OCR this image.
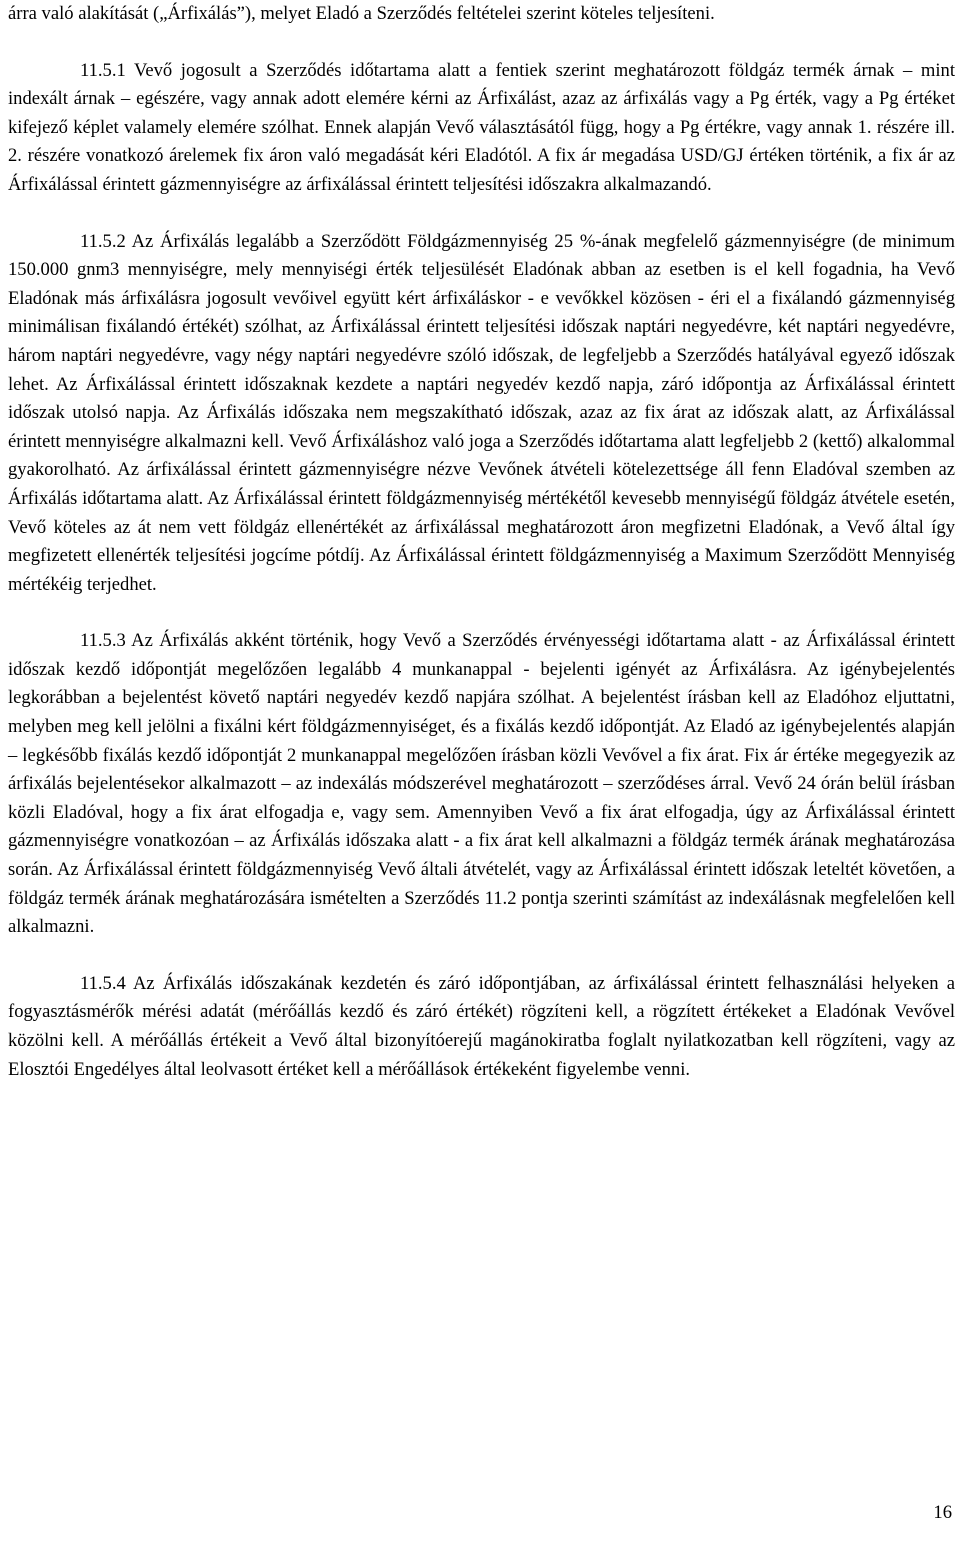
árra való alakítását („Árfixálás”), melyet Eladó a Szerződés feltételei szerint köteles teljesíteni.

11.5.1 Vevő jogosult a Szerződés időtartama alatt a fentiek szerint meghatározott földgáz termék árnak – mint indexált árnak – egészére, vagy annak adott elemére kérni az Árfixálást, azaz az árfixálás vagy a Pg érték, vagy a Pg értéket kifejező képlet valamely elemére szólhat. Ennek alapján Vevő választásától függ, hogy a Pg értékre, vagy annak 1. részére ill. 2. részére vonatkozó árelemek fix áron való megadását kéri Eladótól. A fix ár megadása USD/GJ értéken történik, a fix ár az Árfixálással érintett gázmennyiségre az árfixálással érintett teljesítési időszakra alkalmazandó.

11.5.2 Az Árfixálás legalább a Szerződött Földgázmennyiség 25 %-ának megfelelő gázmennyiségre (de minimum 150.000 gnm3 mennyiségre, mely mennyiségi érték teljesülését Eladónak abban az esetben is el kell fogadnia, ha Vevő Eladónak más árfixálásra jogosult vevőivel együtt kért árfixáláskor - e vevőkkel közösen - éri el a fixálandó gázmennyiség minimálisan fixálandó értékét) szólhat, az Árfixálással érintett teljesítési időszak naptári negyedévre, két naptári negyedévre, három naptári negyedévre, vagy négy naptári negyedévre szóló időszak, de legfeljebb a Szerződés hatályával egyező időszak lehet. Az Árfixálással érintett időszaknak kezdete a naptári negyedév kezdő napja, záró időpontja az Árfixálással érintett időszak utolsó napja. Az Árfixálás időszaka nem megszakítható időszak, azaz az fix árat az időszak alatt, az Árfixálással érintett mennyiségre alkalmazni kell. Vevő Árfixáláshoz való joga a Szerződés időtartama alatt legfeljebb 2 (kettő) alkalommal gyakorolható. Az árfixálással érintett gázmennyiségre nézve Vevőnek átvételi kötelezettsége áll fenn Eladóval szemben az Árfixálás időtartama alatt. Az Árfixálással érintett földgázmennyiség mértékétől kevesebb mennyiségű földgáz átvétele esetén, Vevő köteles az át nem vett földgáz ellenértékét az árfixálással meghatározott áron megfizetni Eladónak, a Vevő által így megfizetett ellenérték teljesítési jogcíme pótdíj. Az Árfixálással érintett földgázmennyiség a Maximum Szerződött Mennyiség mértékéig terjedhet.

11.5.3 Az Árfixálás akként történik, hogy Vevő a Szerződés érvényességi időtartama alatt - az Árfixálással érintett időszak kezdő időpontját megelőzően legalább 4 munkanappal - bejelenti igényét az Árfixálásra. Az igénybejelentés legkorábban a bejelentést követő naptári negyedév kezdő napjára szólhat. A bejelentést írásban kell az Eladóhoz eljuttatni, melyben meg kell jelölni a fixálni kért földgázmennyiséget, és a fixálás kezdő időpontját. Az Eladó az igénybejelentés alapján – legkésőbb fixálás kezdő időpontját 2 munkanappal megelőzően írásban közli Vevővel a fix árat. Fix ár értéke megegyezik az árfixálás bejelentésekor alkalmazott – az indexálás módszerével meghatározott – szerződéses árral. Vevő 24 órán belül írásban közli Eladóval, hogy a fix árat elfogadja e, vagy sem. Amennyiben Vevő a fix árat elfogadja, úgy az Árfixálással érintett gázmennyiségre vonatkozóan – az Árfixálás időszaka alatt - a fix árat kell alkalmazni a földgáz termék árának meghatározása során. Az Árfixálással érintett földgázmennyiség Vevő általi átvételét, vagy az Árfixálással érintett időszak leteltét követően, a földgáz termék árának meghatározására ismételten a Szerződés 11.2 pontja szerinti számítást az indexálásnak megfelelően kell alkalmazni.

11.5.4 Az Árfixálás időszakának kezdetén és záró időpontjában, az árfixálással érintett felhasználási helyeken a fogyasztásmérők mérési adatát (mérőállás kezdő és záró értékét) rögzíteni kell, a rögzített értékeket a Eladónak Vevővel közölni kell. A mérőállás értékeit a Vevő által bizonyítóerejű magánokiratba foglalt nyilatkozatban kell rögzíteni, vagy az Elosztói Engedélyes által leolvasott értéket kell a mérőállások értékeként figyelembe venni.

16
